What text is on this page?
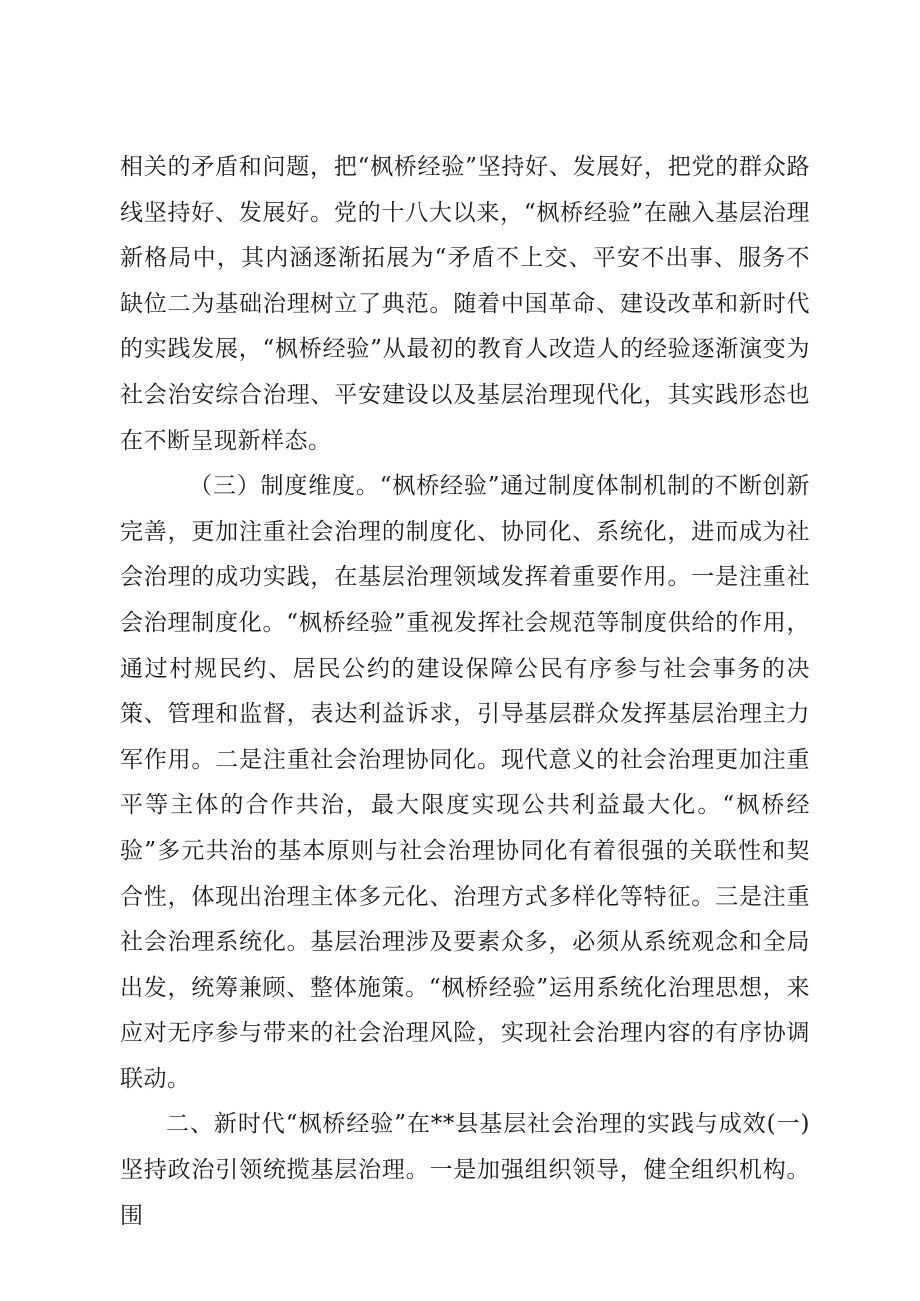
相关的矛盾和问题，把“枫桥经验”坚持好、发展好，把党的群众路线坚持好、发展好。党的十八大以来，“枫桥经验”在融入基层治理新格局中，其内涵逐渐拓展为“矛盾不上交、平安不出事、服务不缺位二为基础治理树立了典范。随着中国革命、建设改革和新时代的实践发展，“枫桥经验”从最初的教育人改造人的经验逐渐演变为社会治安综合治理、平安建设以及基层治理现代化，其实践形态也在不断呈现新样态。

（三）制度维度。“枫桥经验”通过制度体制机制的不断创新完善，更加注重社会治理的制度化、协同化、系统化，进而成为社会治理的成功实践，在基层治理领域发挥着重要作用。一是注重社会治理制度化。“枫桥经验”重视发挥社会规范等制度供给的作用，通过村规民约、居民公约的建设保障公民有序参与社会事务的决策、管理和监督，表达利益诉求，引导基层群众发挥基层治理主力军作用。二是注重社会治理协同化。现代意义的社会治理更加注重平等主体的合作共治，最大限度实现公共利益最大化。“枫桥经验”多元共治的基本原则与社会治理协同化有着很强的关联性和契合性，体现出治理主体多元化、治理方式多样化等特征。三是注重社会治理系统化。基层治理涉及要素众多，必须从系统观念和全局出发，统筹兼顾、整体施策。“枫桥经验”运用系统化治理思想，来应对无序参与带来的社会治理风险，实现社会治理内容的有序协调联动。

二、新时代“枫桥经验”在**县基层社会治理的实践与成效(一)坚持政治引领统揽基层治理。一是加强组织领导，健全组织机构。围
